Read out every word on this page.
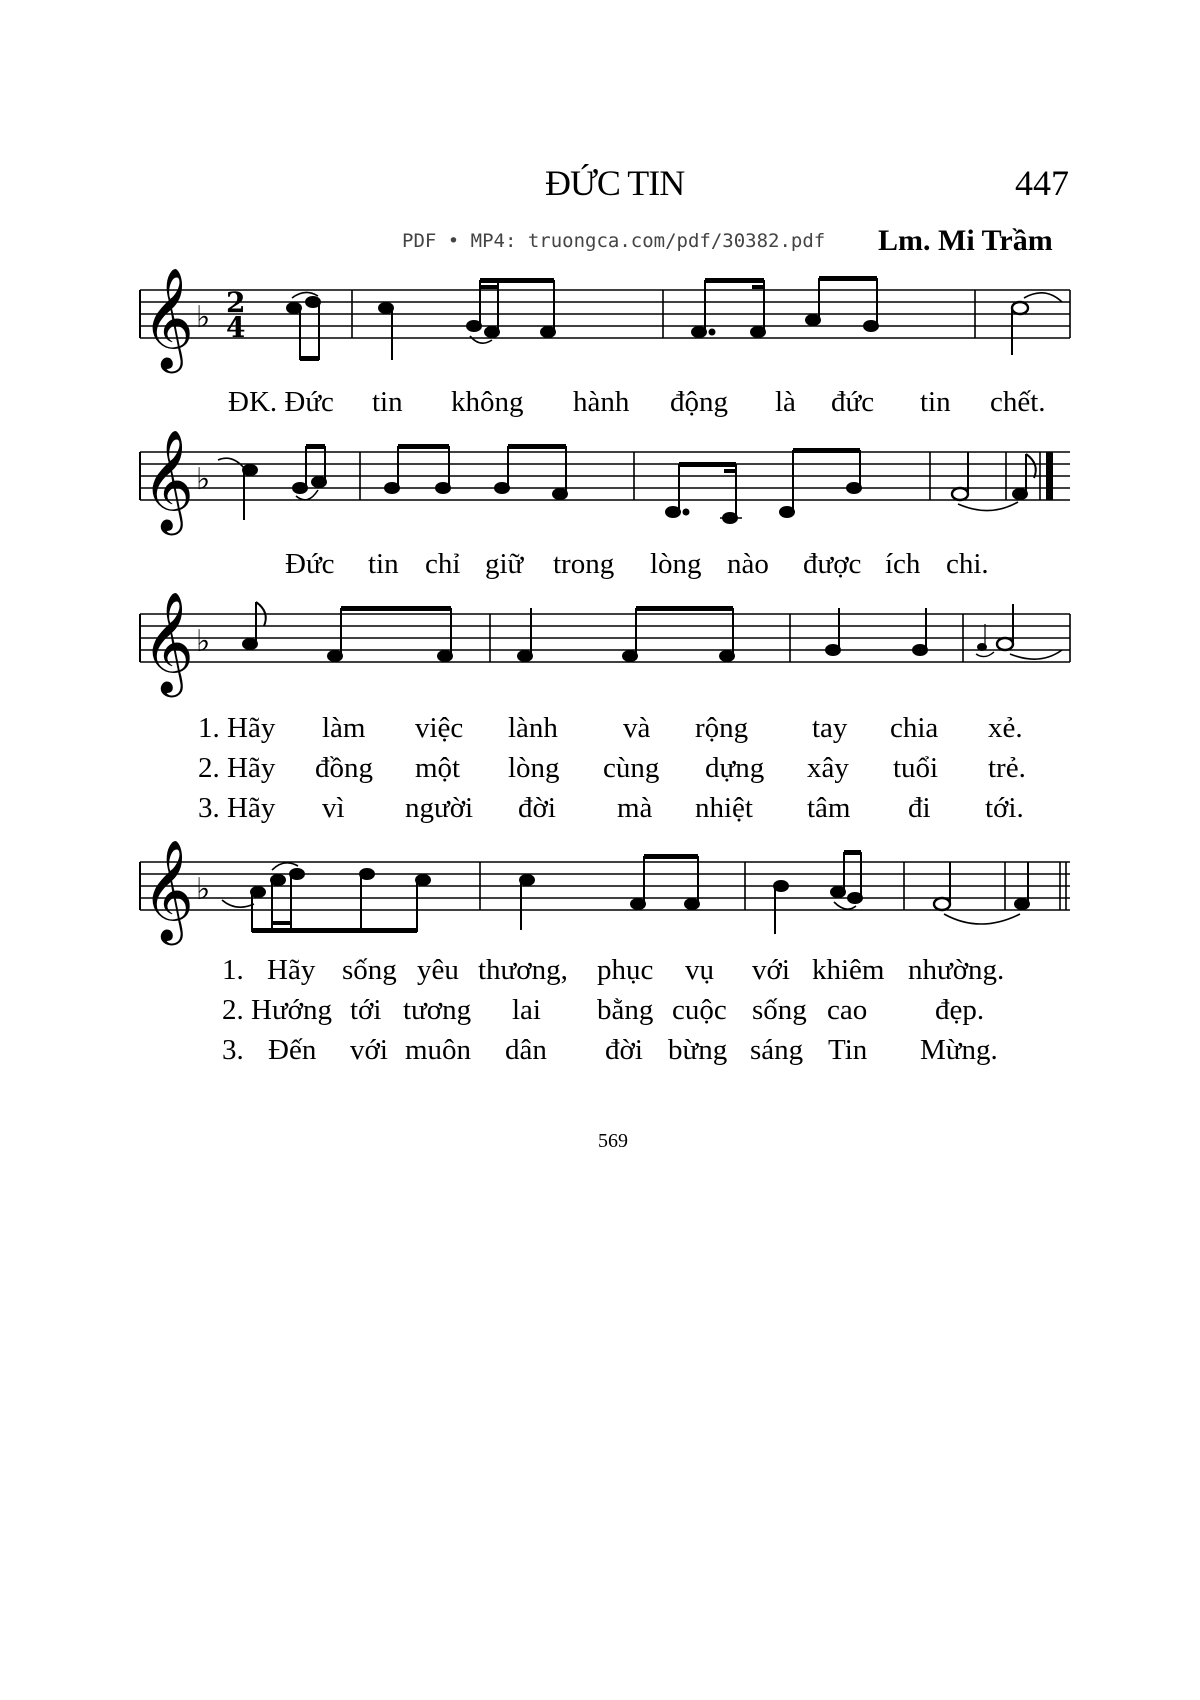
ĐỨC TIN	447
PDF • MP4: truongca.com/pdf/30382.pdf Lm. Mi Trầm
𝄞 ♭ 2
4
ĐK. Đức tin không hành động là đức tin chết.
𝄞 ♭
Đức tin chỉ giữ trong lòng nào được ích chi.
𝄞 ♭
1. Hãy làm việc lành và rộng tay chia xẻ.
2. Hãy đồng một lòng cùng dựng xây tuổi trẻ.
3. Hãy vì người đời mà nhiệt tâm đi tới.
𝄞 ♭
1. Hãy sống yêu thương, phục vụ với khiêm nhường.
2. Hướng tới tương lai bằng cuộc sống cao đẹp.
3. Đến với muôn dân đời bừng sáng Tin Mừng.
569
